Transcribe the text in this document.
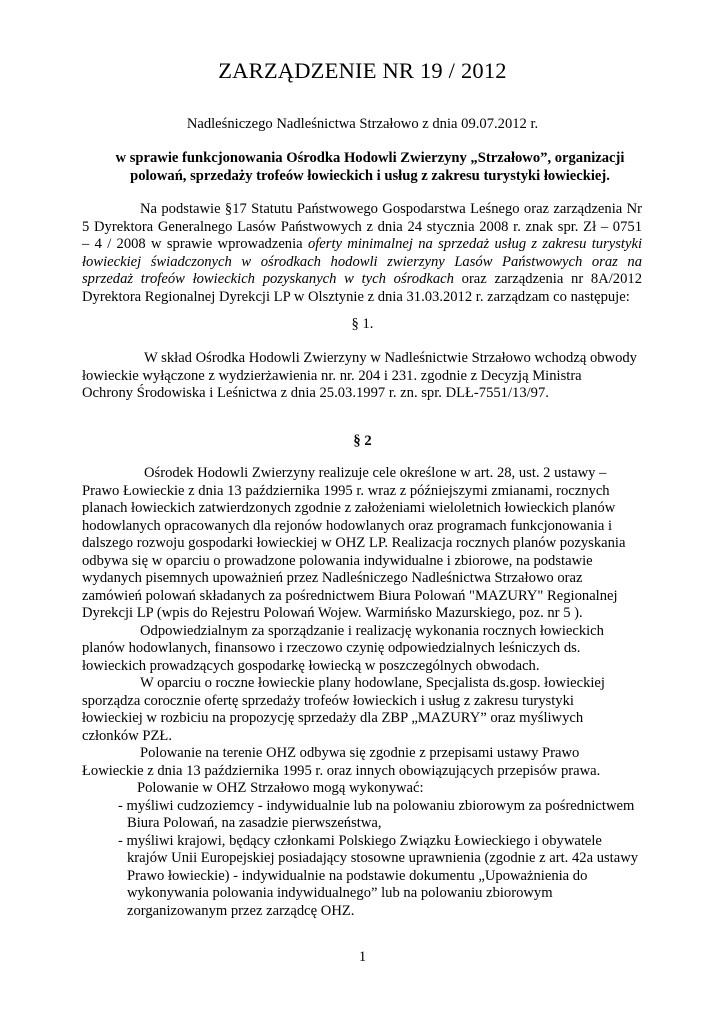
ZARZĄDZENIE NR 19 / 2012
Nadleśniczego Nadleśnictwa Strzałowo z dnia 09.07.2012 r.
w sprawie funkcjonowania Ośrodka Hodowli Zwierzyny „Strzałowo”, organizacji
polowań, sprzedaży trofeów łowieckich i usług z zakresu turystyki łowieckiej.
Na podstawie §17 Statutu Państwowego Gospodarstwa Leśnego oraz zarządzenia Nr
5 Dyrektora Generalnego Lasów Państwowych z dnia 24 stycznia 2008 r. znak spr. Zł – 0751
– 4 / 2008 w sprawie wprowadzenia oferty minimalnej na sprzedaż usług z zakresu turystyki
łowieckiej świadczonych w ośrodkach hodowli zwierzyny Lasów Państwowych oraz na
sprzedaż trofeów łowieckich pozyskanych w tych ośrodkach oraz zarządzenia nr 8A/2012
Dyrektora Regionalnej Dyrekcji LP w Olsztynie z dnia 31.03.2012 r. zarządzam co następuje:
§ 1.
W skład Ośrodka Hodowli Zwierzyny w Nadleśnictwie Strzałowo wchodzą obwody
łowieckie wyłączone z wydzierżawienia nr. nr. 204 i 231. zgodnie z Decyzją Ministra
Ochrony Środowiska i Leśnictwa z dnia 25.03.1997 r. zn. spr. DLŁ-7551/13/97.
§ 2
Ośrodek Hodowli Zwierzyny realizuje cele określone w art. 28, ust. 2 ustawy –
Prawo Łowieckie z dnia 13 października 1995 r. wraz z późniejszymi zmianami, rocznych
planach łowieckich zatwierdzonych zgodnie z założeniami wieloletnich łowieckich planów
hodowlanych opracowanych dla rejonów hodowlanych oraz programach funkcjonowania i
dalszego rozwoju gospodarki łowieckiej w OHZ LP. Realizacja rocznych planów pozyskania
odbywa się w oparciu o prowadzone polowania indywidualne i zbiorowe, na podstawie
wydanych pisemnych upoważnień przez Nadleśniczego Nadleśnictwa Strzałowo oraz
zamówień polowań składanych za pośrednictwem Biura Polowań "MAZURY" Regionalnej
Dyrekcji LP (wpis do Rejestru Polowań Wojew. Warmińsko Mazurskiego, poz. nr 5 ).
Odpowiedzialnym za sporządzanie i realizację wykonania rocznych łowieckich
planów hodowlanych, finansowo i rzeczowo czynię odpowiedzialnych leśniczych ds.
łowieckich prowadzących gospodarkę łowiecką w poszczególnych obwodach.
W oparciu o roczne łowieckie plany hodowlane, Specjalista ds.gosp. łowieckiej
sporządza corocznie ofertę sprzedaży trofeów łowieckich i usług z zakresu turystyki
łowieckiej w rozbiciu na propozycję sprzedaży dla ZBP „MAZURY” oraz myśliwych
członków PZŁ.
Polowanie na terenie OHZ odbywa się zgodnie z przepisami ustawy Prawo
Łowieckie z dnia 13 października 1995 r. oraz innych obowiązujących przepisów prawa.
Polowanie w OHZ Strzałowo mogą wykonywać:
- myśliwi cudzoziemcy - indywidualnie lub na polowaniu zbiorowym za pośrednictwem
Biura Polowań, na zasadzie pierwszeństwa,
- myśliwi krajowi, będący członkami Polskiego Związku Łowieckiego i obywatele
krajów Unii Europejskiej posiadający stosowne uprawnienia (zgodnie z art. 42a ustawy
Prawo łowieckie) - indywidualnie na podstawie dokumentu „Upoważnienia do
wykonywania polowania indywidualnego” lub na polowaniu zbiorowym
zorganizowanym przez zarządcę OHZ.
1
